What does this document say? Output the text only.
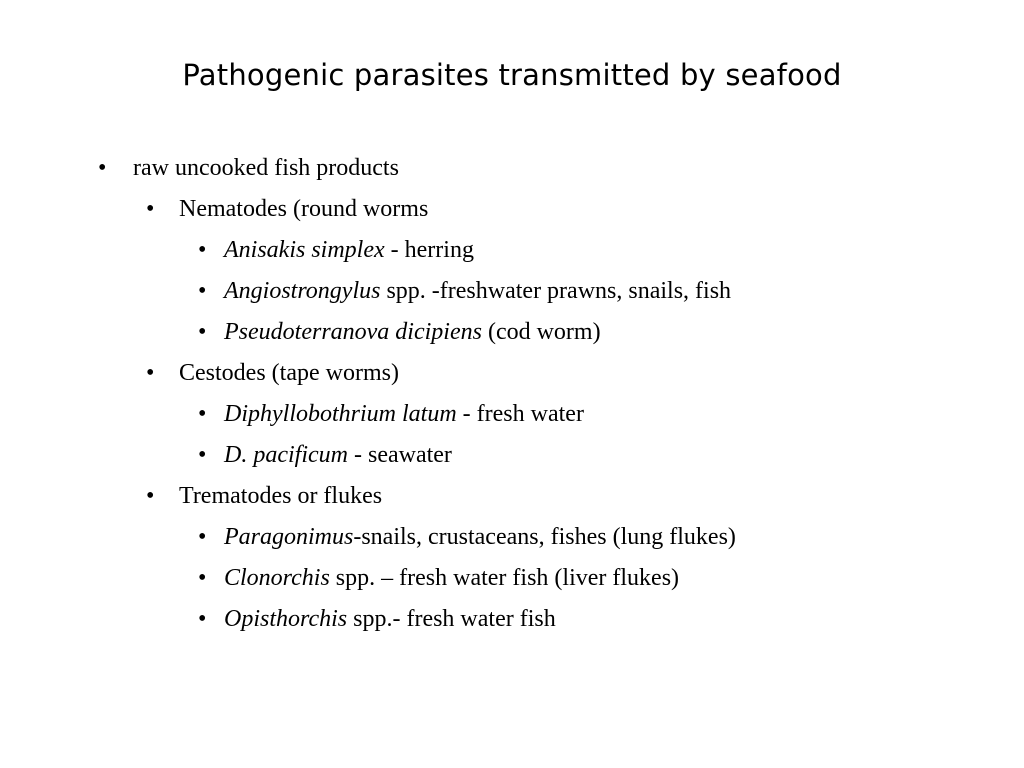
Pathogenic parasites transmitted by seafood
• raw uncooked fish products
• Nematodes (round worms
• Anisakis simplex - herring
• Angiostrongylus spp. -freshwater prawns, snails, fish
• Pseudoterranova dicipiens (cod worm)
• Cestodes (tape worms)
• Diphyllobothrium latum - fresh water
• D. pacificum - seawater
• Trematodes or flukes
• Paragonimus-snails, crustaceans, fishes (lung flukes)
• Clonorchis spp. – fresh water fish (liver flukes)
• Opisthorchis spp.- fresh water fish
